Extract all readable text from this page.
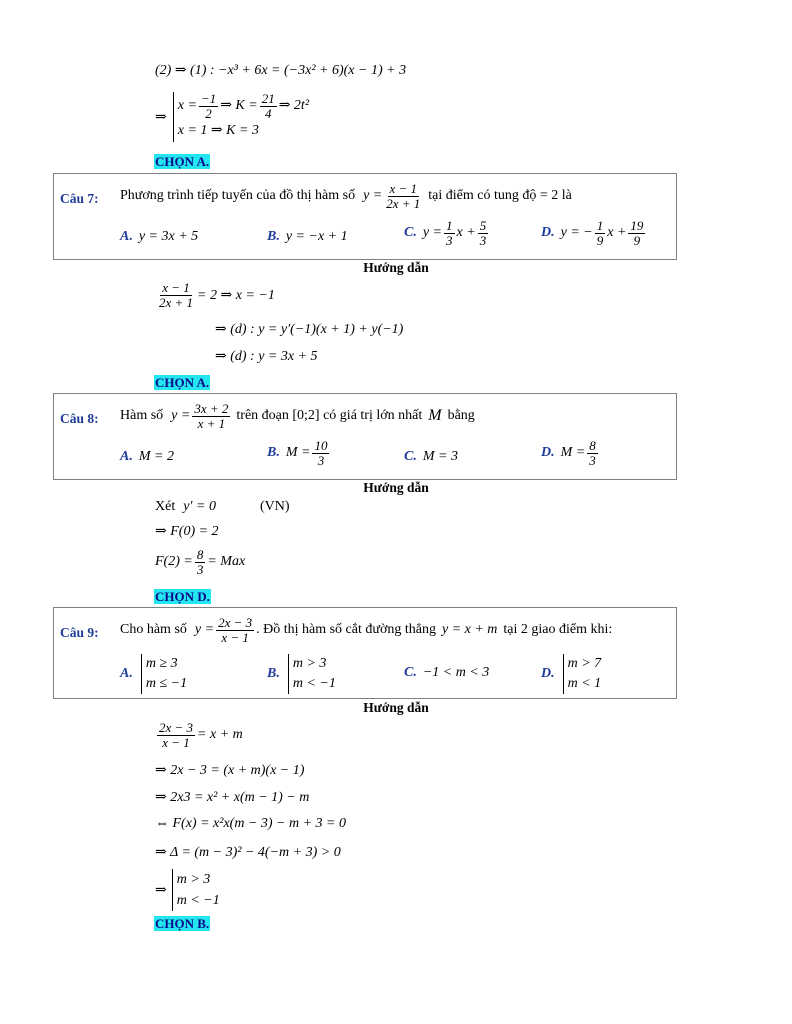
(2) ⇒ (1) : −x³ + 6x = (−3x² + 6)(x − 1) + 3
⇒
$x = \frac{-1}{2}$ ⇒ $K = \frac{21}{4}$ ⇒ 2t²
x = 1 ⇒ K = 3
CHỌN A.
Câu 7: Phương trình tiếp tuyến của đồ thị hàm số $y = \frac{x - 1}{2x + 1}$ tại điểm có tung độ = 2 là
A. y = 3x + 5	B. y = −x + 1	C. $y = \frac{1}{3}$ $x + \frac{5}{3}$	D. y = − $\frac{1}{9}$ $x + \frac{19}{9}$
Hướng dẫn
$\frac{x - 1}{2x + 1} = 2$ ⇒ x = −1
⇒ (d) : y = y′(−1)(x + 1) + y(−1)
⇒ (d) : y = 3x + 5
CHỌN A.
Câu 8: Hàm số $y = \frac{3x + 2}{x + 1}$ trên đoạn [0;2] có giá trị lớn nhất M bằng
A. M = 2	B. $M = \frac{10}{3}$	C. M = 3	D. $M = \frac{8}{3}$
Hướng dẫn
Xét y′ = 0	(VN)
⇒ F(0) = 2
$F(2) = \frac{8}{3}$ = Max
CHỌN D.
Câu 9: Cho hàm số $y = \frac{2x - 3}{x - 1}$ . Đồ thị hàm số cắt đường thẳng y = x + m tại 2 giao điểm khi:
A.
m ≥ 3
m ≤ −1
B.
m > 3
m < −1
C. −1 < m < 3	D.
m > 7
m < 1
Hướng dẫn
$\frac{2x - 3}{x - 1} = x + m$
⇒ 2x − 3 = (x + m)(x − 1)
⇒ 2x3 = x² + x(m − 1) − m
⇔ F(x) = x²x(m − 3) − m + 3 = 0
⇒ Δ = (m − 3)² − 4(−m + 3) > 0
⇒
m > 3
m < −1
CHỌN B.
